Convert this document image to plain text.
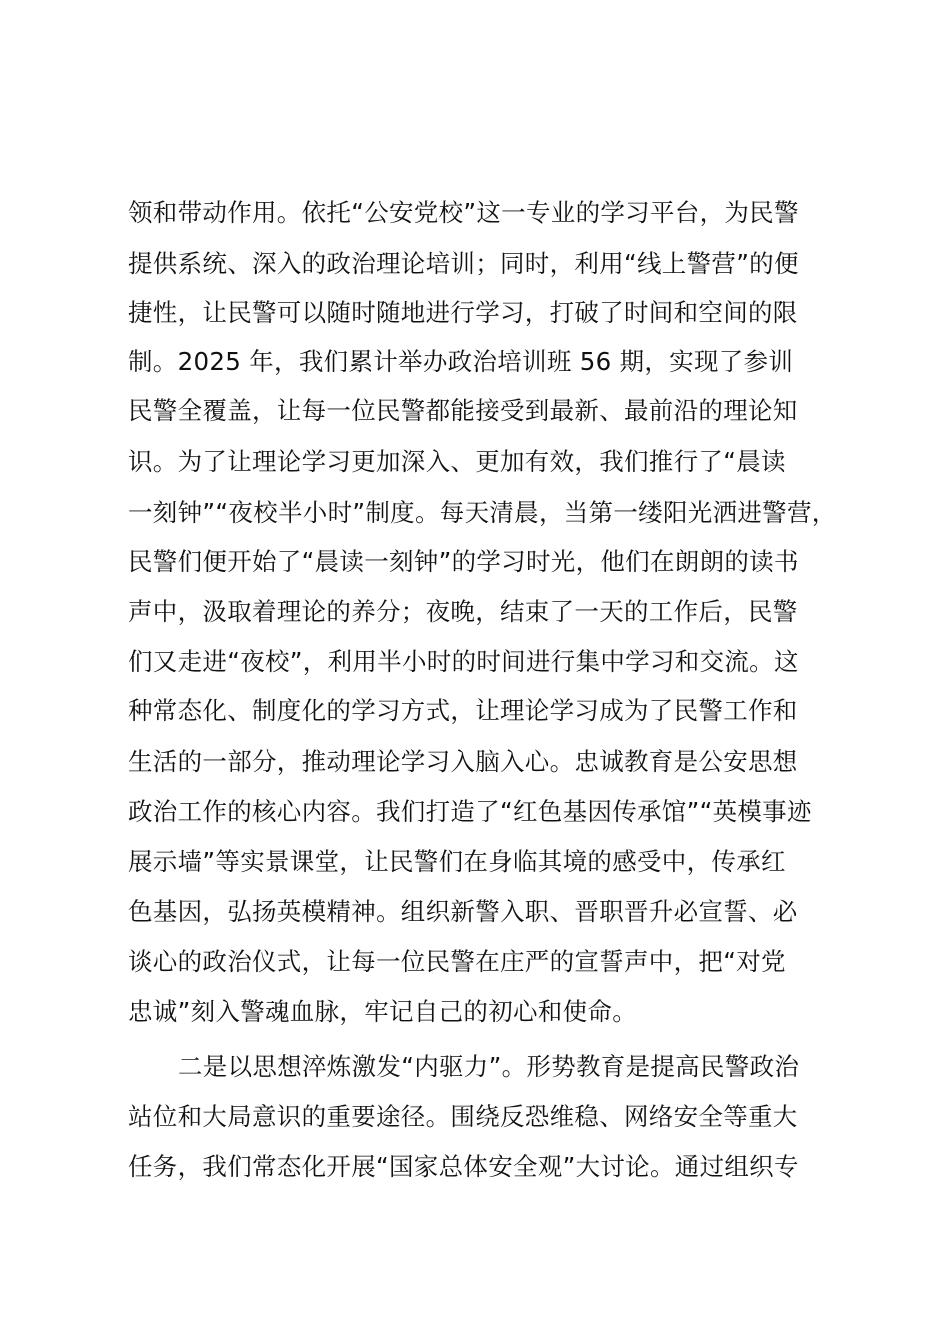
领和带动作用。依托“公安党校”这一专业的学习平台，为民警
提供系统、深入的政治理论培训；同时，利用“线上警营”的便
捷性，让民警可以随时随地进行学习，打破了时间和空间的限
制。2025 年，我们累计举办政治培训班 56 期，实现了参训
民警全覆盖，让每一位民警都能接受到最新、最前沿的理论知
识。为了让理论学习更加深入、更加有效，我们推行了“晨读
一刻钟”“夜校半小时”制度。每天清晨，当第一缕阳光洒进警营，
民警们便开始了“晨读一刻钟”的学习时光，他们在朗朗的读书
声中，汲取着理论的养分；夜晚，结束了一天的工作后，民警
们又走进“夜校”，利用半小时的时间进行集中学习和交流。这
种常态化、制度化的学习方式，让理论学习成为了民警工作和
生活的一部分，推动理论学习入脑入心。忠诚教育是公安思想
政治工作的核心内容。我们打造了“红色基因传承馆”“英模事迹
展示墙”等实景课堂，让民警们在身临其境的感受中，传承红
色基因，弘扬英模精神。组织新警入职、晋职晋升必宣誓、必
谈心的政治仪式，让每一位民警在庄严的宣誓声中，把“对党
忠诚”刻入警魂血脉，牢记自己的初心和使命。
二是以思想淬炼激发“内驱力”。形势教育是提高民警政治
站位和大局意识的重要途径。围绕反恐维稳、网络安全等重大
任务，我们常态化开展“国家总体安全观”大讨论。通过组织专
